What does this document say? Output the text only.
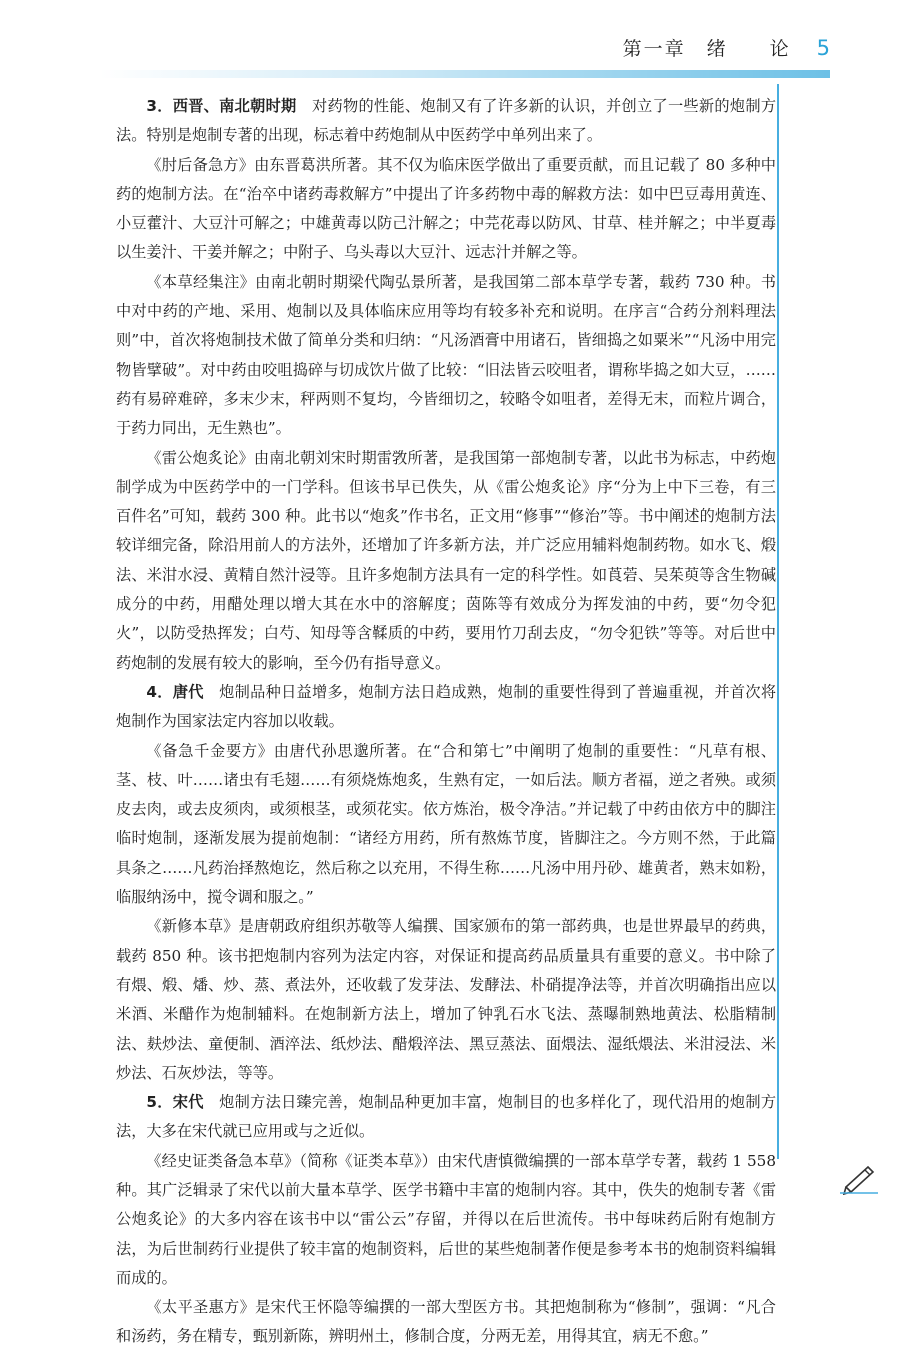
第一章　绪　　论 5

3．西晋、南北朝时期　 对药物的性能、炮制又有了许多新的认识，并创立了一些新的炮制方法。特别是炮制专著的出现，标志着中药炮制从中医药学中单列出来了。

《肘后备急方》由东晋葛洪所著。其不仅为临床医学做出了重要贡献，而且记载了 80 多种中药的炮制方法。在“治卒中诸药毒救解方”中提出了许多药物中毒的解救方法：如中巴豆毒用黄连、小豆藿汁、大豆汁可解之；中雄黄毒以防己汁解之；中芫花毒以防风、甘草、桂并解之；中半夏毒以生姜汁、干姜并解之；中附子、乌头毒以大豆汁、远志汁并解之等。

《本草经集注》由南北朝时期梁代陶弘景所著，是我国第二部本草学专著，载药 730 种。书中对中药的产地、采用、炮制以及具体临床应用等均有较多补充和说明。在序言“合药分剂料理法则”中，首次将炮制技术做了简单分类和归纳：“凡汤酒膏中用诸石，皆细捣之如粟米”“凡汤中用完物皆擘破”。对中药由咬咀捣碎与切成饮片做了比较：“旧法皆云咬咀者，谓称毕捣之如大豆，……药有易碎难碎，多末少末，秤两则不复均，今皆细切之，较略令如咀者，差得无末，而粒片调合，于药力同出，无生熟也”。

《雷公炮炙论》由南北朝刘宋时期雷敩所著，是我国第一部炮制专著，以此书为标志，中药炮制学成为中医药学中的一门学科。但该书早已佚失，从《雷公炮炙论》序“分为上中下三卷，有三百件名”可知，载药 300 种。此书以“炮炙”作书名，正文用“修事”“修治”等。书中阐述的炮制方法较详细完备，除沿用前人的方法外，还增加了许多新方法，并广泛应用辅料炮制药物。如水飞、煅法、米泔水浸、黄精自然汁浸等。且许多炮制方法具有一定的科学性。如莨菪、吴茱萸等含生物碱成分的中药，用醋处理以增大其在水中的溶解度；茵陈等有效成分为挥发油的中药，要“勿令犯火”，以防受热挥发；白芍、知母等含鞣质的中药，要用竹刀刮去皮，“勿令犯铁”等等。对后世中药炮制的发展有较大的影响，至今仍有指导意义。

4．唐代　 炮制品种日益增多，炮制方法日趋成熟，炮制的重要性得到了普遍重视，并首次将炮制作为国家法定内容加以收载。

《备急千金要方》由唐代孙思邈所著。在“合和第七”中阐明了炮制的重要性：“凡草有根、茎、枝、叶……诸虫有毛翅……有须烧炼炮炙，生熟有定，一如后法。顺方者福，逆之者殃。或须皮去肉，或去皮须肉，或须根茎，或须花实。依方炼治，极令净洁。”并记载了中药由依方中的脚注临时炮制，逐渐发展为提前炮制：“诸经方用药，所有熬炼节度，皆脚注之。今方则不然，于此篇具条之……凡药治择熬炮讫，然后称之以充用，不得生称……凡汤中用丹砂、雄黄者，熟末如粉，临服纳汤中，搅令调和服之。”

《新修本草》是唐朝政府组织苏敬等人编撰、国家颁布的第一部药典，也是世界最早的药典，载药 850 种。该书把炮制内容列为法定内容，对保证和提高药品质量具有重要的意义。书中除了有煨、煅、燔、炒、蒸、煮法外，还收载了发芽法、发酵法、朴硝提净法等，并首次明确指出应以米酒、米醋作为炮制辅料。在炮制新方法上，增加了钟乳石水飞法、蒸曝制熟地黄法、松脂精制法、麸炒法、童便制、酒淬法、纸炒法、醋煅淬法、黑豆蒸法、面煨法、湿纸煨法、米泔浸法、米炒法、石灰炒法，等等。

5．宋代　 炮制方法日臻完善，炮制品种更加丰富，炮制目的也多样化了，现代沿用的炮制方法，大多在宋代就已应用或与之近似。

《经史证类备急本草》（简称《证类本草》）由宋代唐慎微编撰的一部本草学专著，载药 1 558 种。其广泛辑录了宋代以前大量本草学、医学书籍中丰富的炮制内容。其中，佚失的炮制专著《雷公炮炙论》的大多内容在该书中以“雷公云”存留，并得以在后世流传。书中每味药后附有炮制方法，为后世制药行业提供了较丰富的炮制资料，后世的某些炮制著作便是参考本书的炮制资料编辑而成的。

《太平圣惠方》是宋代王怀隐等编撰的一部大型医方书。其把炮制称为“修制”，强调：“凡合和汤药，务在精专，甄别新陈，辨明州土，修制合度，分两无差，用得其宜，病无不愈。”
